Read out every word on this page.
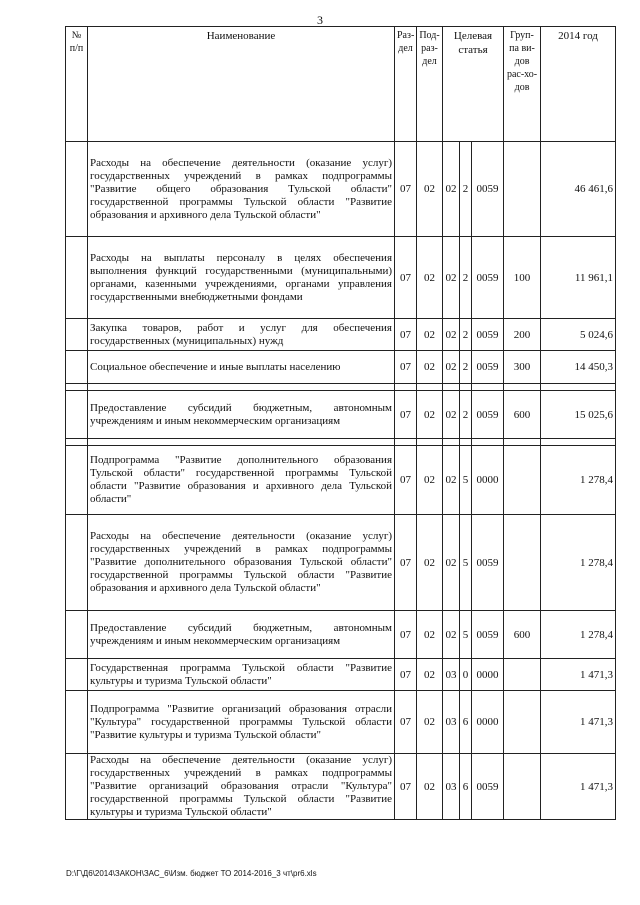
3
№ п/п	Наименование	Раз-дел	Под-раз-дел	Целевая статья			Груп-па ви-дов рас-хо-дов	2014 год
	Расходы на обеспечение деятельности (оказание услуг) государственных учреждений в рамках подпрограммы "Развитие общего образования Тульской области" государственной программы Тульской области "Развитие образования и архивного дела Тульской области"	07	02	02	2	0059		46 461,6
	Расходы на выплаты персоналу в целях обеспечения выполнения функций государственными (муниципальными) органами, казенными учреждениями, органами управления государственными внебюджетными фондами	07	02	02	2	0059	100	11 961,1
	Закупка товаров, работ и услуг для обеспечения государственных (муниципальных) нужд	07	02	02	2	0059	200	5 024,6
	Социальное обеспечение и иные выплаты населению	07	02	02	2	0059	300	14 450,3

	Предоставление субсидий бюджетным, автономным учреждениям и иным некоммерческим организациям	07	02	02	2	0059	600	15 025,6

	Подпрограмма "Развитие дополнительного образования Тульской области" государственной программы Тульской области "Развитие образования и архивного дела Тульской области"	07	02	02	5	0000		1 278,4
	Расходы на обеспечение деятельности (оказание услуг) государственных учреждений в рамках подпрограммы "Развитие дополнительного образования Тульской области" государственной программы Тульской области "Развитие образования и архивного дела Тульской области"	07	02	02	5	0059		1 278,4
	Предоставление субсидий бюджетным, автономным учреждениям и иным некоммерческим организациям	07	02	02	5	0059	600	1 278,4
	Государственная программа Тульской области "Развитие культуры и туризма Тульской области"	07	02	03	0	0000		1 471,3
	Подпрограмма "Развитие организаций образования отрасли "Культура" государственной программы Тульской области "Развитие культуры и туризма Тульской области"	07	02	03	6	0000		1 471,3
	Расходы на обеспечение деятельности (оказание услуг) государственных учреждений в рамках подпрограммы "Развитие организаций образования отрасли "Культура" государственной программы Тульской области "Развитие культуры и туризма Тульской области"	07	02	03	6	0059		1 471,3
D:\Г\Д6\2014\ЗАКОН\ЗАС_6\Изм. бюджет ТО 2014-2016_3 чт\pr6.xls
